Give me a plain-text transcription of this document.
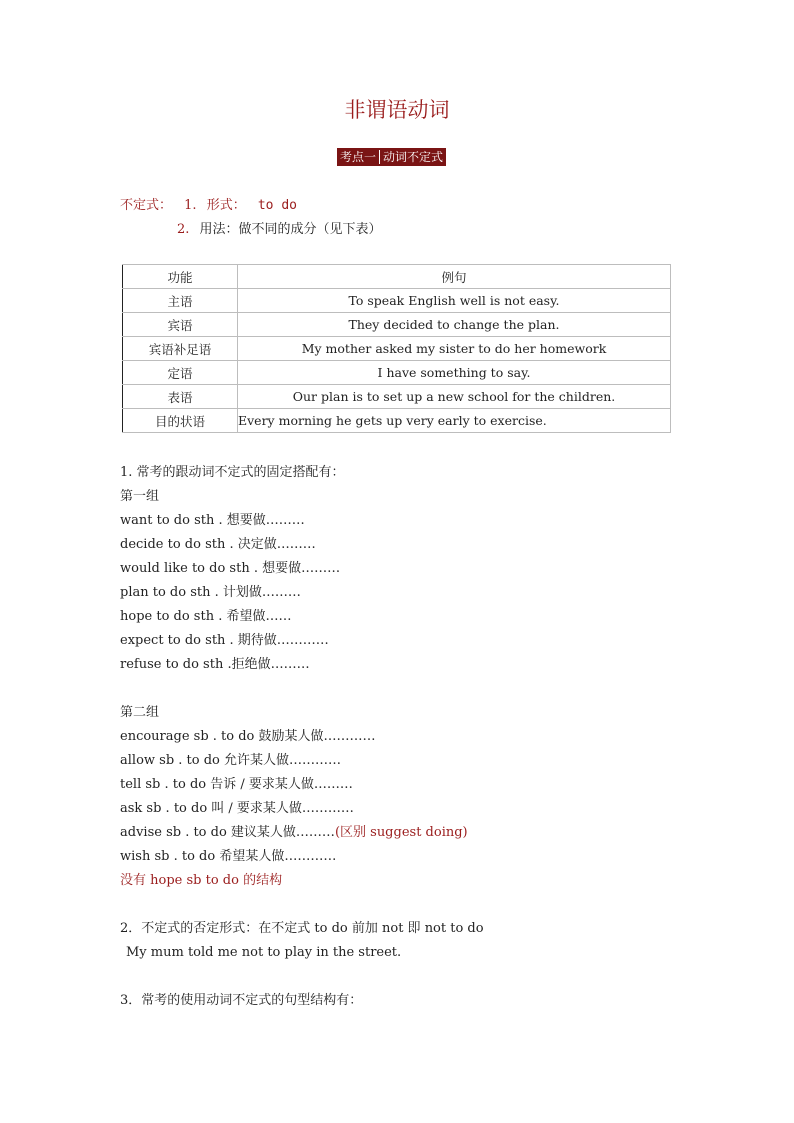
非谓语动词
考点一 动词不定式
不定式： 1. 形式： to do
2. 用法：做不同的成分（见下表）
功能	例句
主语	To speak English well is not easy.
宾语	They decided to change the plan.
宾语补足语	My mother asked my sister to do her homework
定语	I have something to say.
表语	Our plan is to set up a new school for the children.
目的状语	Every morning he gets up very early to exercise.
1. 常考的跟动词不定式的固定搭配有：
第一组
want to do sth . 想要做………
decide to do sth . 决定做………
would like to do sth . 想要做………
plan to do sth . 计划做………
hope to do sth . 希望做……
expect to do sth . 期待做…………
refuse to do sth .拒绝做………
第二组
encourage sb . to do 鼓励某人做…………
allow sb . to do 允许某人做…………
tell sb . to do 告诉 / 要求某人做………
ask sb . to do 叫 / 要求某人做…………
advise sb . to do 建议某人做………(区别 suggest doing)
wish sb . to do 希望某人做…………
没有 hope sb to do 的结构
2．不定式的否定形式：在不定式 to do 前加 not 即 not to do
My mum told me not to play in the street.
3．常考的使用动词不定式的句型结构有：
